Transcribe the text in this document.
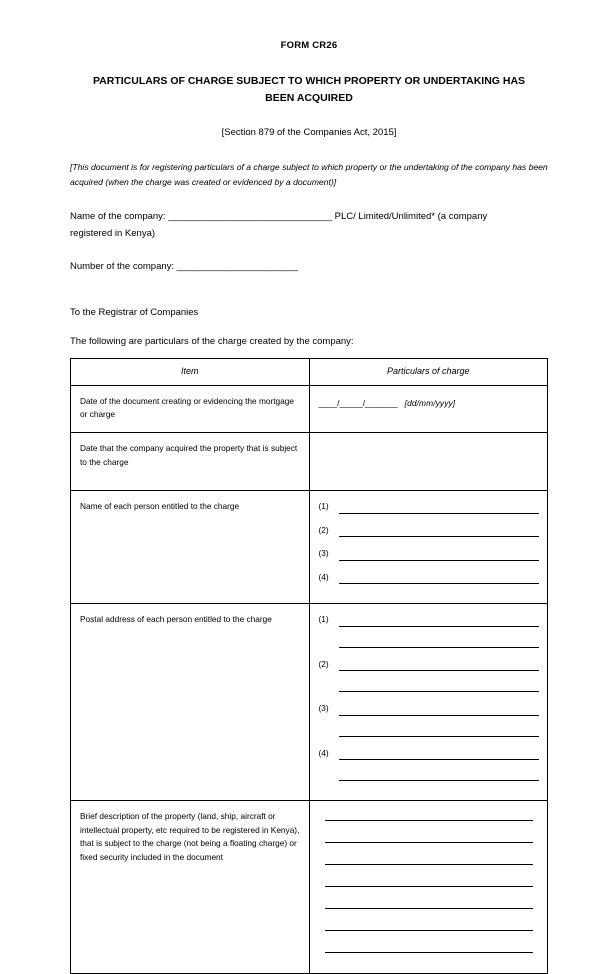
FORM CR26
PARTICULARS OF CHARGE SUBJECT TO WHICH PROPERTY OR UNDERTAKING HAS BEEN ACQUIRED
[Section 879 of the Companies Act, 2015]
[This document is for registering particulars of a charge subject to which property or the undertaking of the company has been acquired (when the charge was created or evidenced by a document)]
Name of the company: _______________________________ PLC/ Limited/Unlimited* (a company
registered in Kenya)
Number of the company: _______________________
To the Registrar of Companies
The following are particulars of the charge created by the company:
Item	Particulars of charge
Date of the document creating or evidencing the mortgage or charge	____/_____/_______ [dd/mm/yyyy]

Date that the company acquired the property that is subject to the charge	

Name of each person entitled to the charge	(1)
(2)
(3)
(4)

Postal address of each person entitled to the charge	(1)
(2)
(3)
(4)

Brief description of the property (land, ship, aircraft or intellectual property, etc required to be registered in Kenya), that is subject to the charge (not being a floating charge) or fixed security included in the document	
